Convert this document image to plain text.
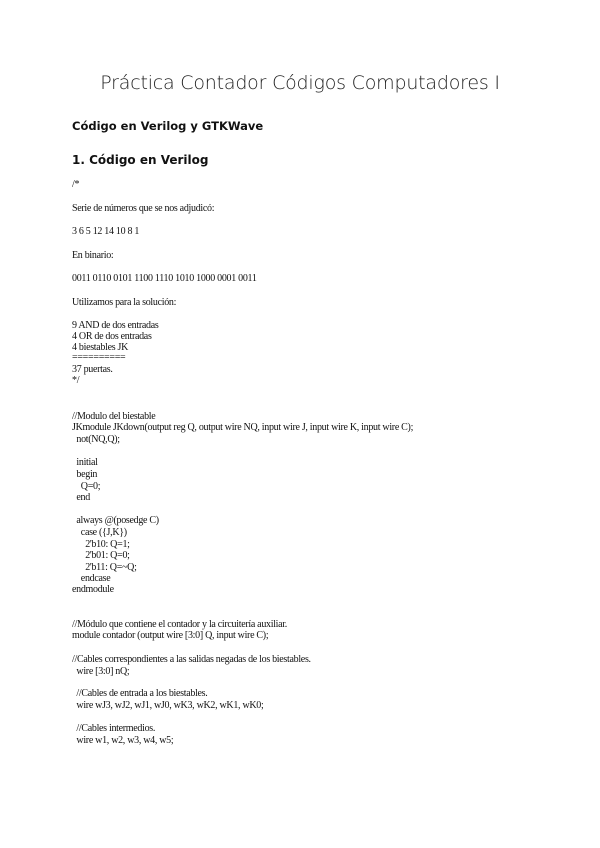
Práctica Contador Códigos Computadores I
Código en Verilog y GTKWave
1. Código en Verilog
/*
Serie de números que se nos adjudicó:
3 6 5 12 14 10 8 1
En binario:
0011 0110 0101 1100 1110 1010 1000 0001 0011
Utilizamos para la solución:
9 AND de dos entradas
4 OR de dos entradas
4 biestables JK
==========
37 puertas.
*/
//Modulo del biestable
JKmodule JKdown(output reg Q, output wire NQ, input wire J, input wire K, input wire C);
not(NQ,Q);
initial
begin
Q=0;
end
always @(posedge C)
case ({J,K})
2'b10: Q=1;
2'b01: Q=0;
2'b11: Q=~Q;
endcase
endmodule
//Módulo que contiene el contador y la circuitería auxiliar.
module contador (output wire [3:0] Q, input wire C);
//Cables correspondientes a las salidas negadas de los biestables.
wire [3:0] nQ;
//Cables de entrada a los biestables.
wire wJ3, wJ2, wJ1, wJ0, wK3, wK2, wK1, wK0;
//Cables intermedios.
wire w1, w2, w3, w4, w5;
